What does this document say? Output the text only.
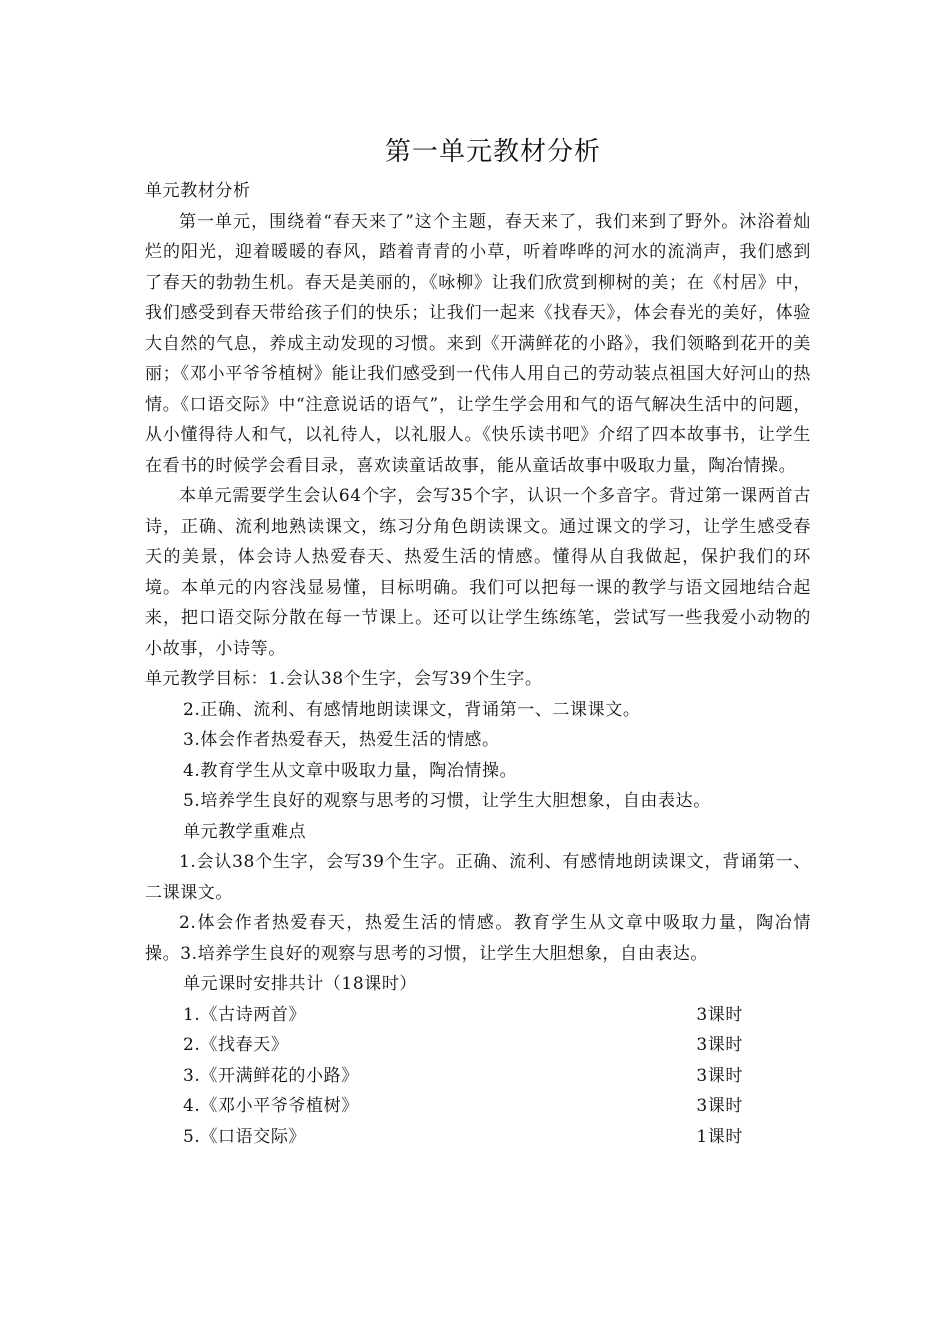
第一单元教材分析
单元教材分析

第一单元，围绕着“春天来了”这个主题，春天来了，我们来到了野外。沐浴着灿烂的阳光，迎着暖暖的春风，踏着青青的小草，听着哗哗的河水的流淌声，我们感到了春天的勃勃生机。春天是美丽的，《咏柳》让我们欣赏到柳树的美；在《村居》中，我们感受到春天带给孩子们的快乐；让我们一起来《找春天》，体会春光的美好，体验大自然的气息，养成主动发现的习惯。来到《开满鲜花的小路》，我们领略到花开的美丽；《邓小平爷爷植树》能让我们感受到一代伟人用自己的劳动装点祖国大好河山的热情。《口语交际》中“注意说话的语气”，让学生学会用和气的语气解决生活中的问题，从小懂得待人和气，以礼待人，以礼服人。《快乐读书吧》介绍了四本故事书，让学生在看书的时候学会看目录，喜欢读童话故事，能从童话故事中吸取力量，陶冶情操。

本单元需要学生会认64个字，会写35个字，认识一个多音字。背过第一课两首古诗，正确、流利地熟读课文，练习分角色朗读课文。通过课文的学习，让学生感受春天的美景，体会诗人热爱春天、热爱生活的情感。懂得从自我做起，保护我们的环境。本单元的内容浅显易懂，目标明确。我们可以把每一课的教学与语文园地结合起来，把口语交际分散在每一节课上。还可以让学生练练笔，尝试写一些我爱小动物的小故事，小诗等。

单元教学目标：1.会认38个生字，会写39个生字。
2.正确、流利、有感情地朗读课文，背诵第一、二课课文。
3.体会作者热爱春天，热爱生活的情感。
4.教育学生从文章中吸取力量，陶冶情操。
5.培养学生良好的观察与思考的习惯，让学生大胆想象，自由表达。
单元教学重难点

1.会认38个生字，会写39个生字。正确、流利、有感情地朗读课文，背诵第一、二课课文。

2.体会作者热爱春天，热爱生活的情感。教育学生从文章中吸取力量，陶冶情操。3.培养学生良好的观察与思考的习惯，让学生大胆想象，自由表达。

单元课时安排共计（18课时）
1.《古诗两首》	3课时
2.《找春天》	3课时
3.《开满鲜花的小路》	3课时
4.《邓小平爷爷植树》	3课时
5.《口语交际》	1课时
